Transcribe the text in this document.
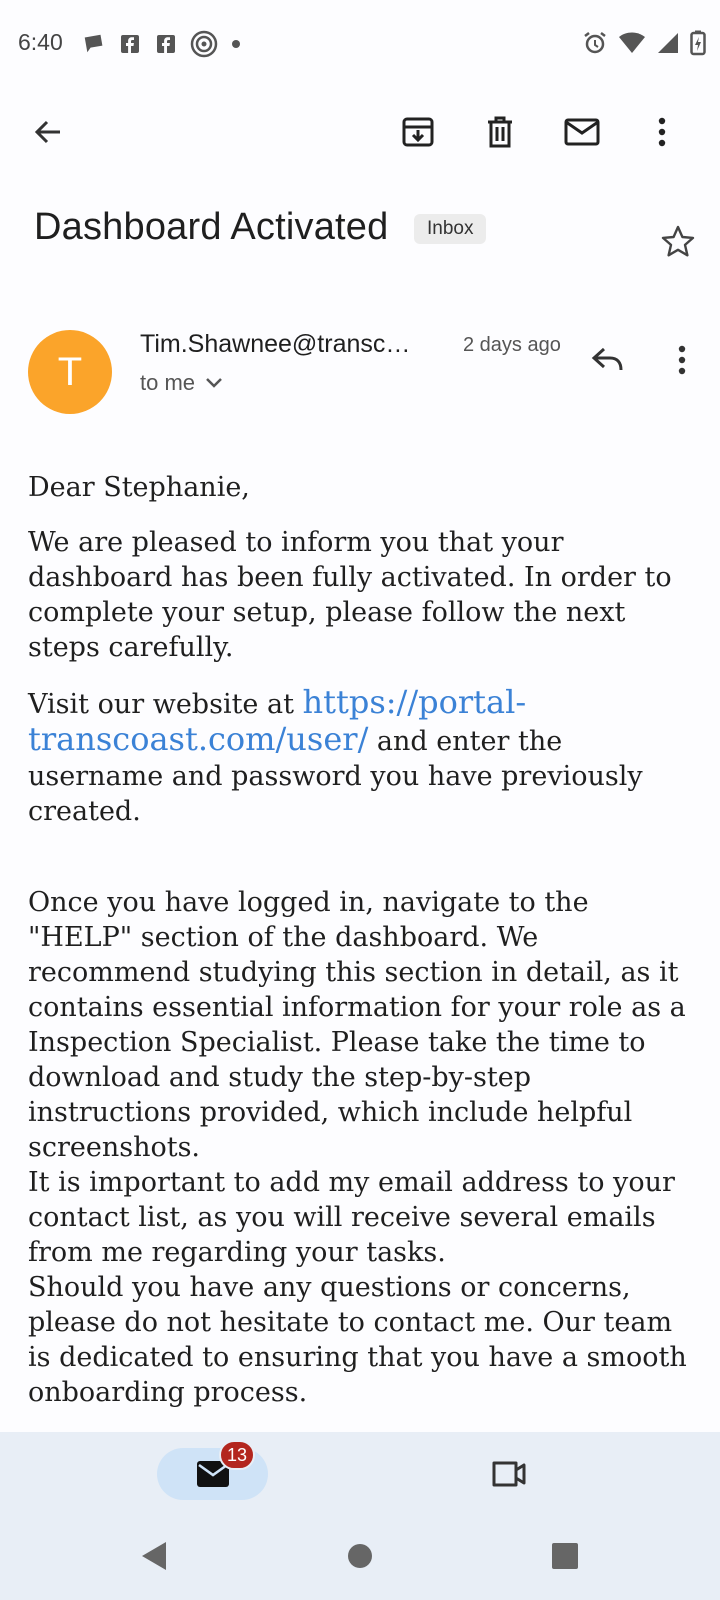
6:40
Dashboard Activated	Inbox
T
Tim.Shawnee@transc…	2 days ago
to me

Dear Stephanie,

We are pleased to inform you that your dashboard has been fully activated. In order to complete your setup, please follow the next steps carefully.

Visit our website at https://portal-transcoast.com/user/ and enter the username and password you have previously created.

Once you have logged in, navigate to the "HELP" section of the dashboard. We recommend studying this section in detail, as it contains essential information for your role as a Inspection Specialist. Please take the time to download and study the step-by-step instructions provided, which include helpful screenshots.
It is important to add my email address to your contact list, as you will receive several emails from me regarding your tasks.
Should you have any questions or concerns, please do not hesitate to contact me. Our team is dedicated to ensuring that you have a smooth onboarding process.
13
